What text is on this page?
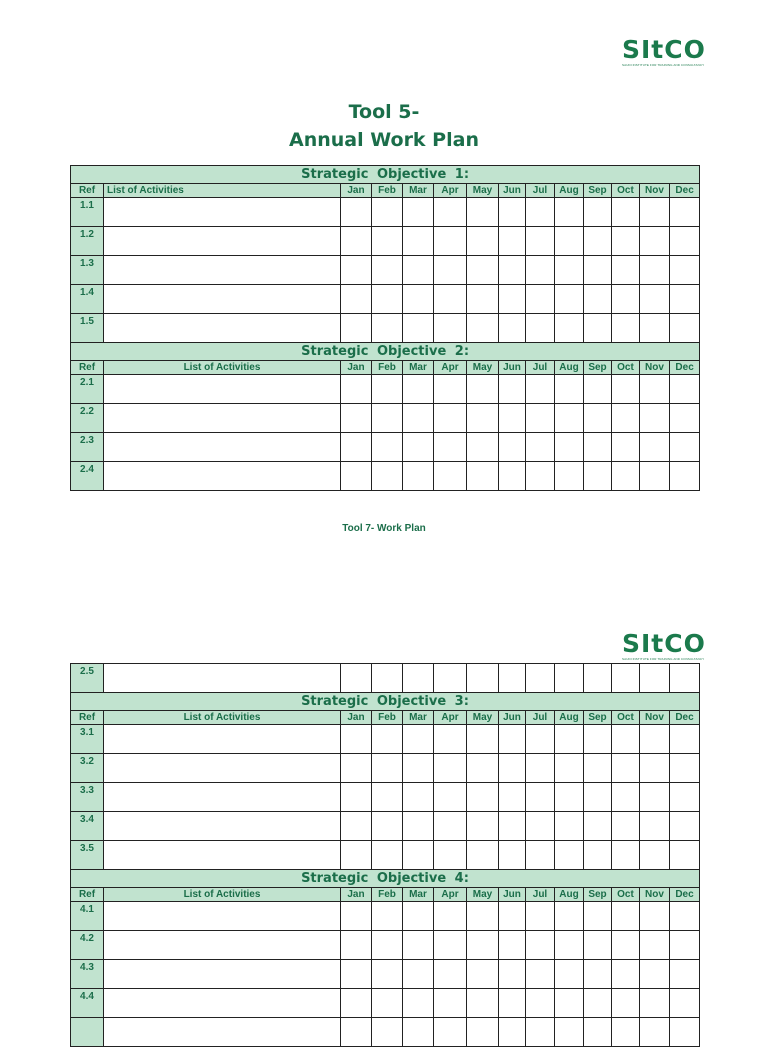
SItCO
SAUDI INSTITUTE FOR TRAINING AND CONSULTANCY
Tool 5-
Annual Work Plan
Strategic Objective 1:													
Ref	List of Activities	Jan	Feb	Mar	Apr	May	Jun	Jul	Aug	Sep	Oct	Nov	Dec
1.1													
1.2													
1.3													
1.4													
1.5													
Strategic Objective 2:													
Ref	List of Activities	Jan	Feb	Mar	Apr	May	Jun	Jul	Aug	Sep	Oct	Nov	Dec
2.1													
2.2													
2.3													
2.4													
Tool 7- Work Plan
SItCO
SAUDI INSTITUTE FOR TRAINING AND CONSULTANCY
2.5													
Strategic Objective 3:													
Ref	List of Activities	Jan	Feb	Mar	Apr	May	Jun	Jul	Aug	Sep	Oct	Nov	Dec
3.1													
3.2													
3.3													
3.4													
3.5													
Strategic Objective 4:													
Ref	List of Activities	Jan	Feb	Mar	Apr	May	Jun	Jul	Aug	Sep	Oct	Nov	Dec
4.1													
4.2													
4.3													
4.4													
